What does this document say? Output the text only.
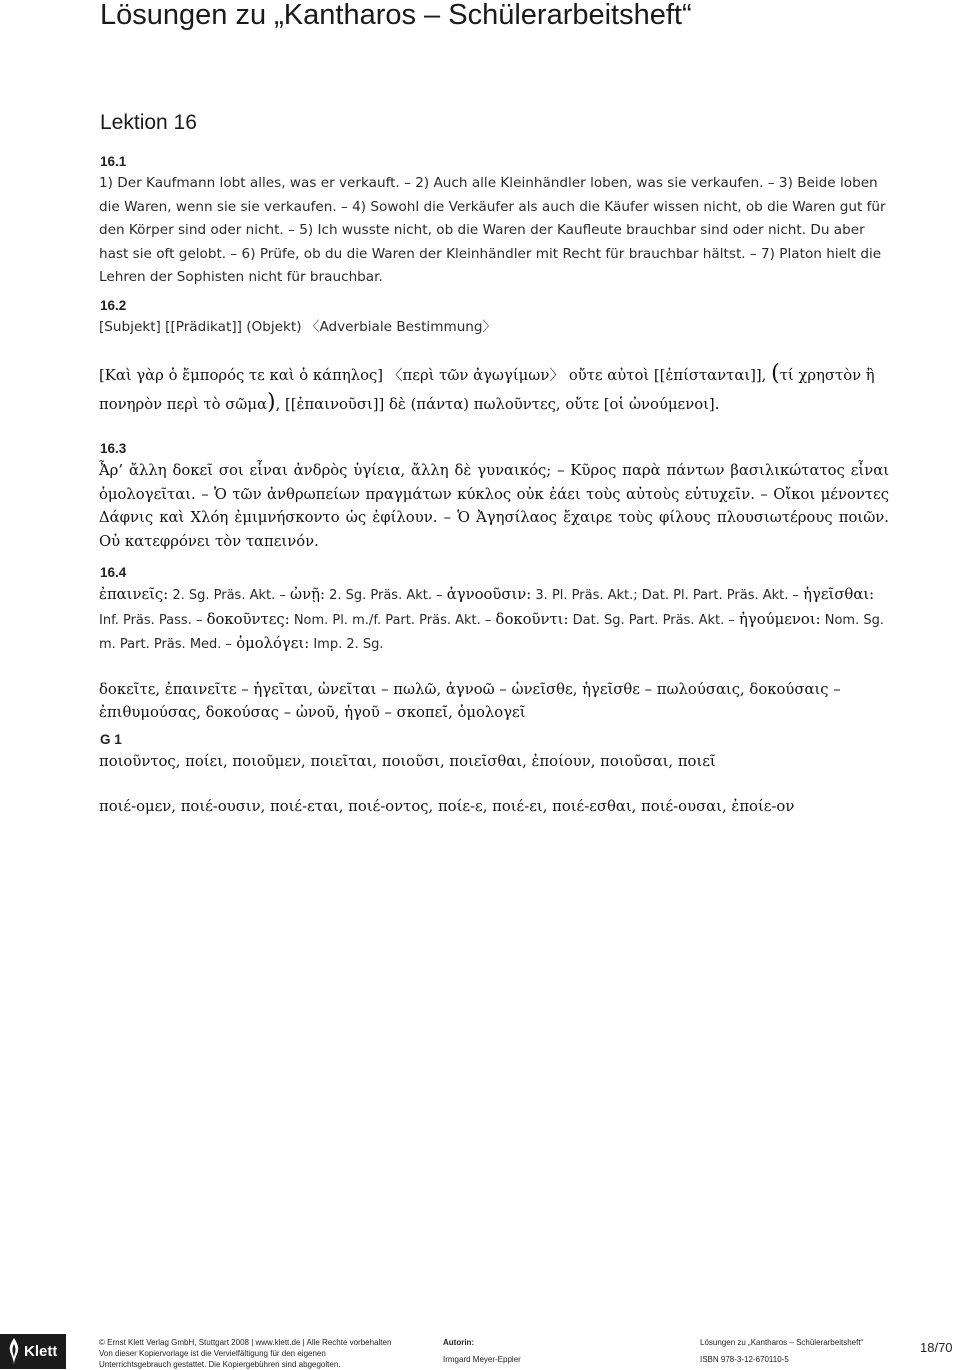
Lösungen zu „Kantharos – Schülerarbeitsheft“
Lektion 16
16.1

1) Der Kaufmann lobt alles, was er verkauft. – 2) Auch alle Kleinhändler loben, was sie verkaufen. – 3) Beide loben die Waren, wenn sie sie verkaufen. – 4) Sowohl die Verkäufer als auch die Käufer wissen nicht, ob die Waren gut für den Körper sind oder nicht. – 5) Ich wusste nicht, ob die Waren der Kaufleute brauchbar sind oder nicht. Du aber hast sie oft gelobt. – 6) Prüfe, ob du die Waren der Kleinhändler mit Recht für brauchbar hältst. – 7) Platon hielt die Lehren der Sophisten nicht für brauchbar.

16.2

[Subjekt] [[Prädikat]] (Objekt) 〈Adverbiale Bestimmung〉

[Καὶ γὰρ ὁ ἔμπορός τε καὶ ὁ κάπηλος] 〈περὶ τῶν ἀγωγίμων〉 οὔτε αὐτοὶ [[ἐπίστανται]], (τί χρηστὸν ἢ πονηρὸν περὶ τὸ σῶμα), [[ἐπαινοῦσι]] δὲ (πάντα) πωλοῦντες, οὔτε [οἱ ὠνούμενοι].

16.3

Ἆρ’ ἄλλη δοκεῖ σοι εἶναι ἀνδρὸς ὑγίεια, ἄλλη δὲ γυναικός; – Κῦρος παρὰ πάντων βασιλικώτατος εἶναι ὁμολογεῖται. – Ὁ τῶν ἀνθρωπείων πραγμάτων κύκλος οὐκ ἐάει τοὺς αὐτοὺς εὐτυχεῖν. – Οἴκοι μένοντες Δάφνις καὶ Χλόη ἐμιμνήσκοντο ὡς ἐφίλουν. – Ὁ Ἀγησίλαος ἔχαιρε τοὺς φίλους πλουσιωτέρους ποιῶν. Οὐ κατεφρόνει τὸν ταπεινόν.

16.4

ἐπαινεῖς: 2. Sg. Präs. Akt. – ὠνῇ: 2. Sg. Präs. Akt. – ἀγνοοῦσιν: 3. Pl. Präs. Akt.; Dat. Pl. Part. Präs. Akt. – ἡγεῖσθαι: Inf. Präs. Pass. – δοκοῦντες: Nom. Pl. m./f. Part. Präs. Akt. – δοκοῦντι: Dat. Sg. Part. Präs. Akt. – ἡγούμενοι: Nom. Sg. m. Part. Präs. Med. – ὁμολόγει: Imp. 2. Sg.

δοκεῖτε, ἐπαινεῖτε – ἡγεῖται, ὠνεῖται – πωλῶ, ἀγνοῶ – ὠνεῖσθε, ἡγεῖσθε – πωλούσαις, δοκούσαις – ἐπιθυμούσας, δοκούσας – ὠνοῦ, ἡγοῦ – σκοπεῖ, ὁμολογεῖ

G 1

ποιοῦντος, ποίει, ποιοῦμεν, ποιεῖται, ποιοῦσι, ποιεῖσθαι, ἐποίουν, ποιοῦσαι, ποιεῖ

ποιέ-ομεν, ποιέ-ουσιν, ποιέ-εται, ποιέ-οντος, ποίε-ε, ποιέ-ει, ποιέ-εσθαι, ποιέ-ουσαι, ἐποίε-ον

Klett

© Ernst Klett Verlag GmbH, Stuttgart 2008 | www.klett.de | Alle Rechte vorbehalten

Von dieser Kopiervorlage ist die Vervielfältigung für den eigenen

Unterrichtsgebrauch gestattet. Die Kopiergebühren sind abgegolten.

Autorin:

Irmgard Meyer-Eppler

Lösungen zu „Kantharos – Schülerarbeitsheft“

ISBN 978-3-12-670110-5

18/70
